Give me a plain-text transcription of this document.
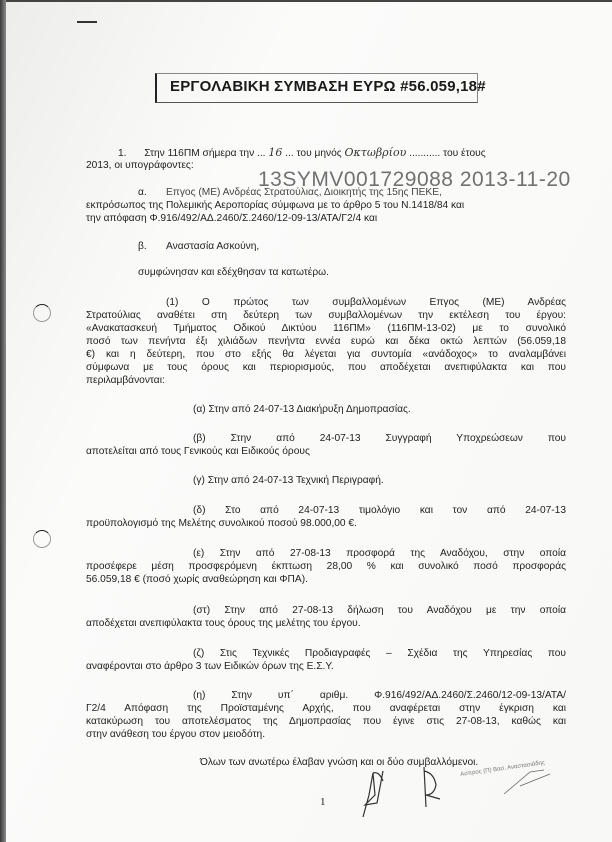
ΕΡΓΟΛΑΒΙΚΗ ΣΥΜΒΑΣΗ ΕΥΡΩ #56.059,18#
1. Στην 116ΠΜ σήμερα την ... 16 ... του μηνός Οκτωβρίου ........... του έτους
2013, οι υπογράφοντες:
α. Επγος (ΜΕ) Ανδρέας Στρατούλιας, Διοικητής της 15ης ΠΕΚΕ,
εκπρόσωπος της Πολεμικής Αεροπορίας σύμφωνα με το άρθρο 5 του Ν.1418/84 και
την απόφαση Φ.916/492/ΑΔ.2460/Σ.2460/12-09-13/ΑΤΑ/Γ2/4 και
13SYMV001729088 2013-11-20
β. Αναστασία Ασκούνη,
συμφώνησαν και εδέχθησαν τα κατωτέρω.
(1) Ο πρώτος των συμβαλλομένων Επγος (ΜΕ) Ανδρέας
Στρατούλιας αναθέτει στη δεύτερη των συμβαλλομένων την εκτέλεση του έργου:
«Ανακατασκευή Τμήματος Οδικού Δικτύου 116ΠΜ» (116ΠΜ-13-02) με το συνολικό
ποσό των πενήντα έξι χιλιάδων πενήντα εννέα ευρώ και δέκα οκτώ λεπτών (56.059,18
€) και η δεύτερη, που στο εξής θα λέγεται για συντομία «ανάδοχος» το αναλαμβάνει
σύμφωνα με τους όρους και περιορισμούς, που αποδέχεται ανεπιφύλακτα και που
περιλαμβάνονται:
(α) Στην από 24-07-13 Διακήρυξη Δημοπρασίας.
(β) Στην από 24-07-13 Συγγραφή Υποχρεώσεων που
αποτελείται από τους Γενικούς και Ειδικούς όρους
(γ) Στην από 24-07-13 Τεχνική Περιγραφή.
(δ) Στο από 24-07-13 τιμολόγιο και τον από 24-07-13
προϋπολογισμό της Μελέτης συνολικού ποσού 98.000,00 €.
(ε) Στην από 27-08-13 προσφορά της Αναδόχου, στην οποία
προσέφερε μέση προσφερόμενη έκπτωση 28,00 % και συνολικό ποσό προσφοράς
56.059,18 € (ποσό χωρίς αναθεώρηση και ΦΠΑ).
(στ) Στην από 27-08-13 δήλωση του Αναδόχου με την οποία
αποδέχεται ανεπιφύλακτα τους όρους της μελέτης του έργου.
(ζ) Στις Τεχνικές Προδιαγραφές – Σχέδια της Υπηρεσίας που
αναφέρονται στο άρθρο 3 των Ειδικών όρων της Ε.Σ.Υ.
(η) Στην υπ΄ αριθμ. Φ.916/492/ΑΔ.2460/Σ.2460/12-09-13/ΑΤΑ/
Γ2/4 Απόφαση της Προϊσταμένης Αρχής, που αναφέρεται στην έγκριση και
κατακύρωση του αποτελέσματος της Δημοπρασίας που έγινε στις 27-08-13, καθώς και
στην ανάθεση του έργου στον μειοδότη.
Όλων των ανωτέρω έλαβαν γνώση και οι δύο συμβαλλόμενοι.
Ασπρος (Π) Βασ. Αναστασιάδης
1
